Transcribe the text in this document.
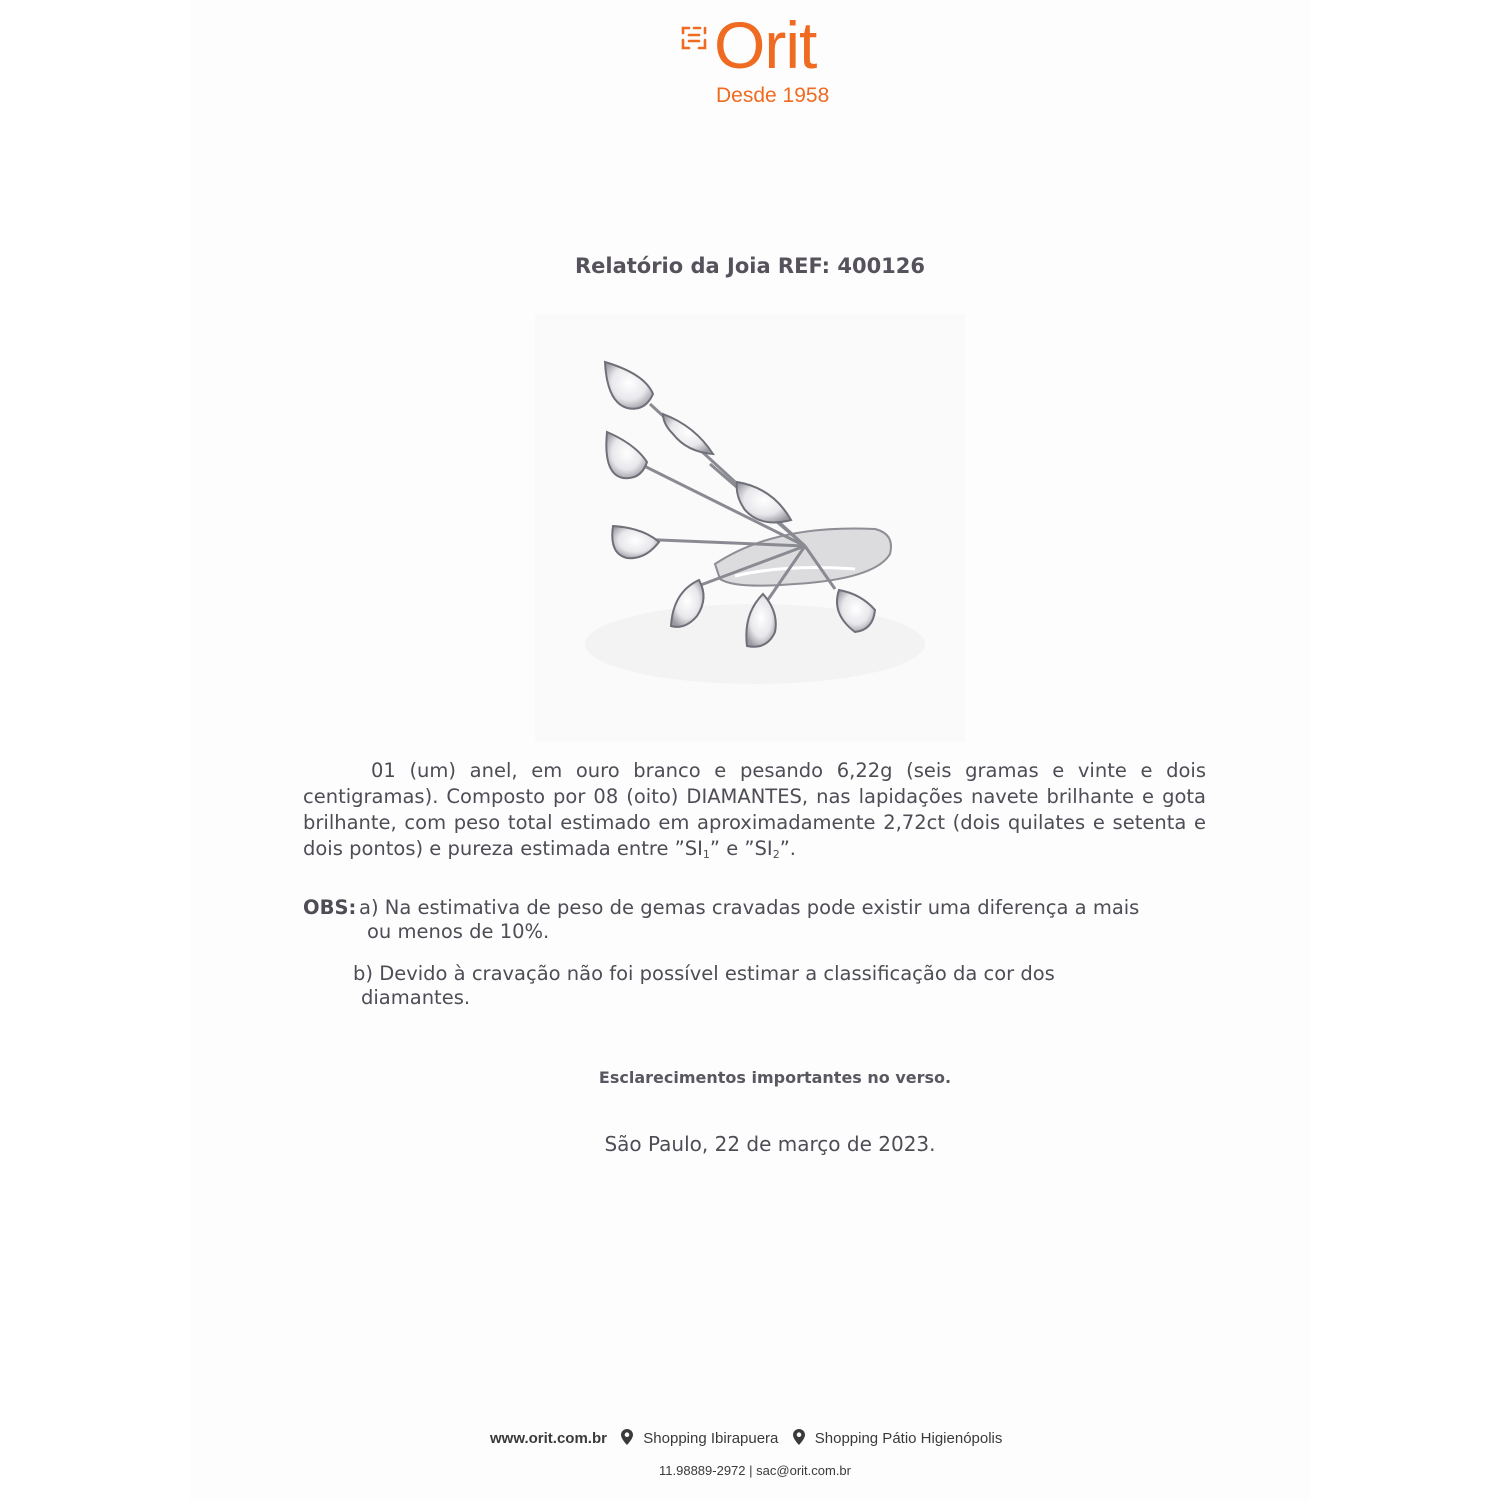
Orit
Desde 1958
Relatório da Joia REF: 400126

01 (um) anel, em ouro branco e pesando 6,22g (seis gramas e vinte e dois centigramas). Composto por 08 (oito) DIAMANTES, nas lapidações navete brilhante e gota brilhante, com peso total estimado em aproximadamente 2,72ct (dois quilates e setenta e dois pontos) e pureza estimada entre $”SI_1$” e $”SI_2$”.

OBS: a) Na estimativa de peso de gemas cravadas pode existir uma diferença a mais
ou menos de 10%.

b) Devido à cravação não foi possível estimar a classificação da cor dos
diamantes.

Esclarecimentos importantes no verso.
São Paulo, 22 de março de 2023.
www.orit.com.br Shopping Ibirapuera Shopping Pátio Higienópolis
11.98889-2972 | sac@orit.com.br
